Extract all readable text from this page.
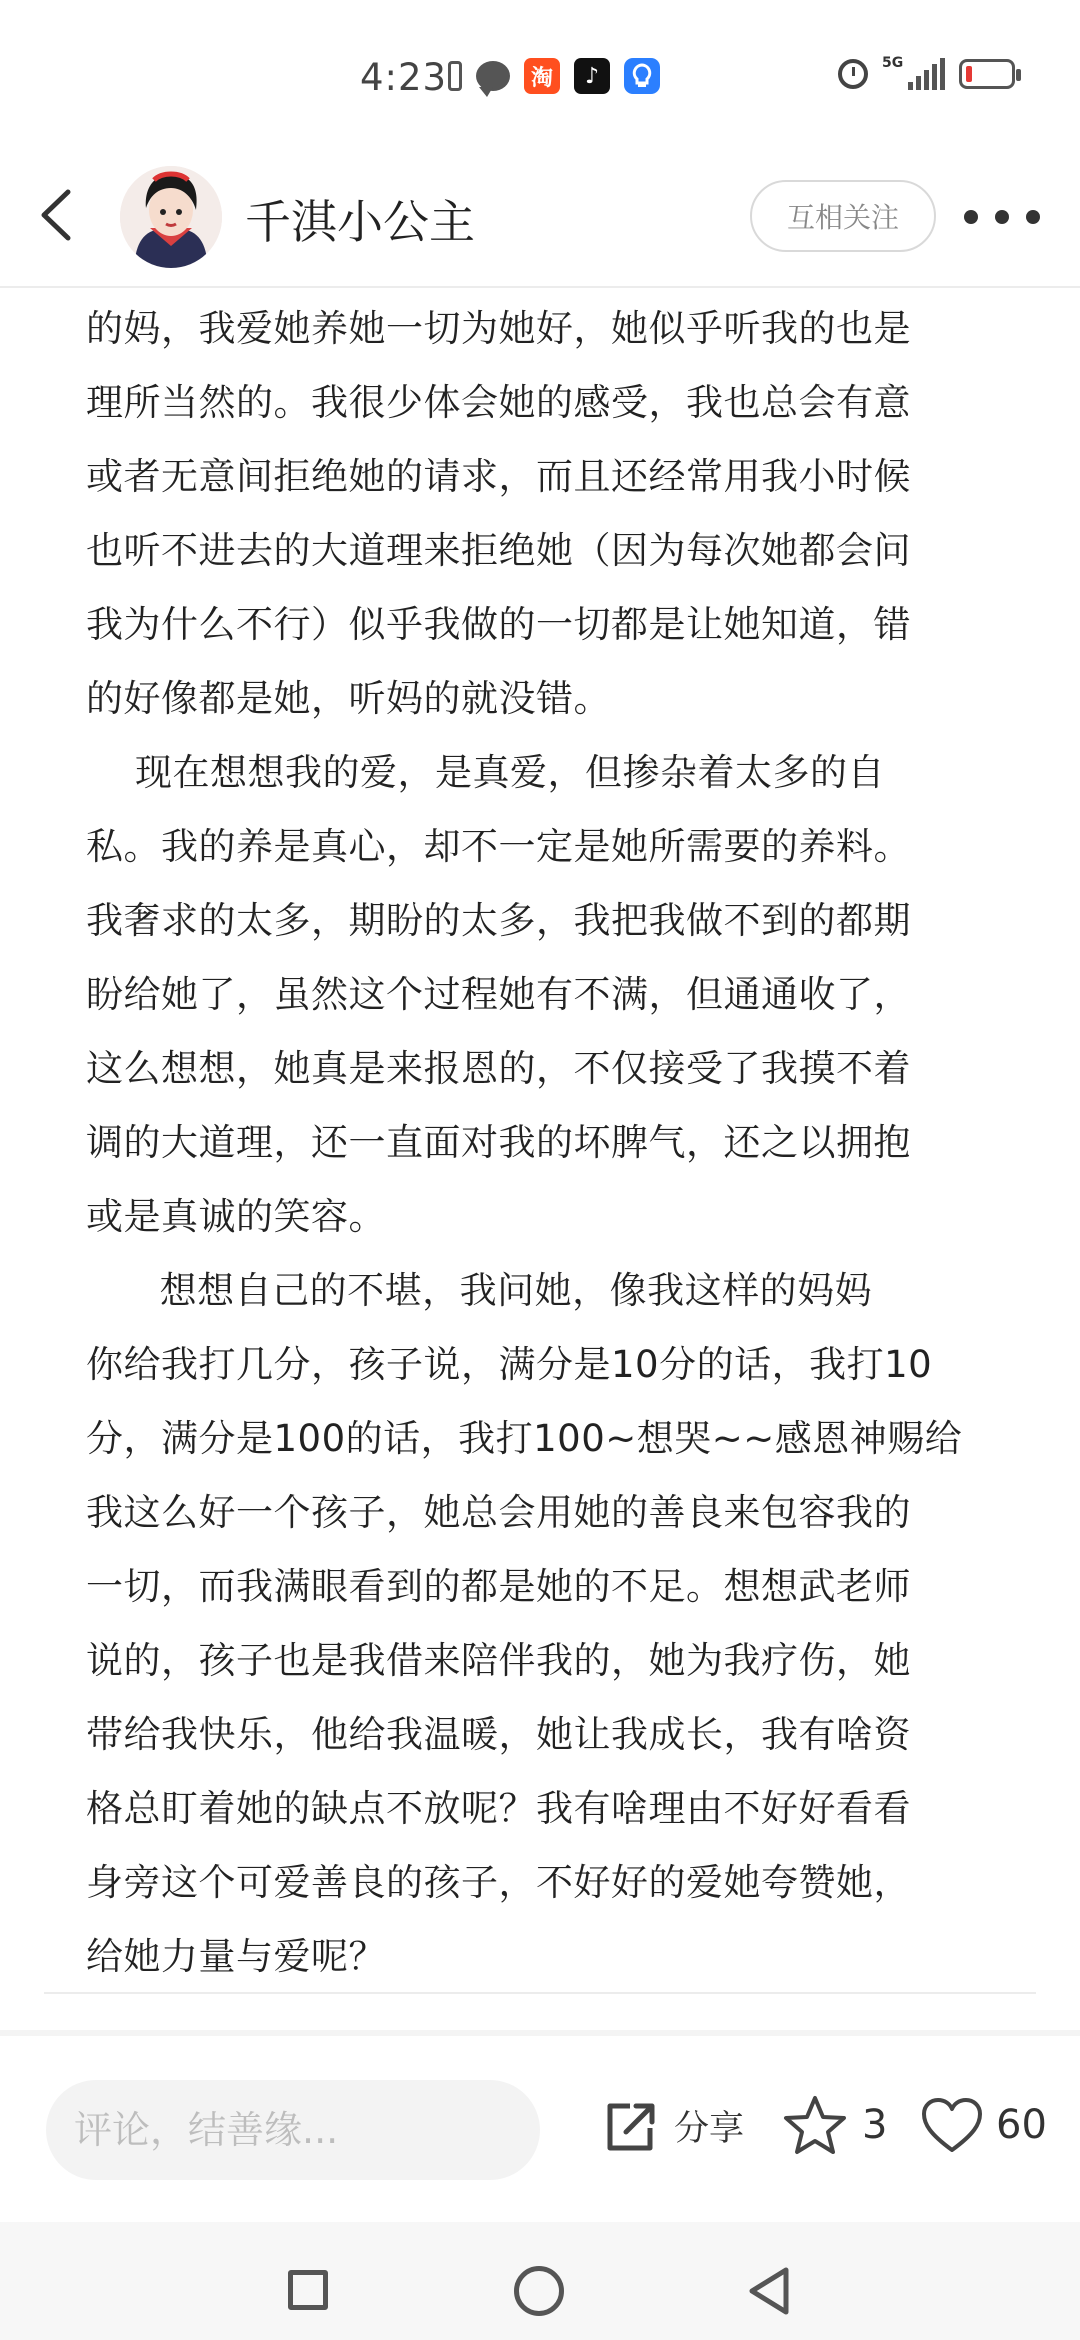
4:23	淘	♪
5G
千淇小公主	互相关注
的妈，我爱她养她一切为她好，她似乎听我的也是
理所当然的。我很少体会她的感受，我也总会有意
或者无意间拒绝她的请求，而且还经常用我小时候
也听不进去的大道理来拒绝她（因为每次她都会问
我为什么不行）似乎我做的一切都是让她知道，错
的好像都是她，听妈的就没错。
现在想想我的爱，是真爱，但掺杂着太多的自
私。我的养是真心，却不一定是她所需要的养料。
我奢求的太多，期盼的太多，我把我做不到的都期
盼给她了，虽然这个过程她有不满，但通通收了，
这么想想，她真是来报恩的，不仅接受了我摸不着
调的大道理，还一直面对我的坏脾气，还之以拥抱
或是真诚的笑容。
想想自己的不堪，我问她，像我这样的妈妈
你给我打几分，孩子说，满分是10分的话，我打10
分，满分是100的话，我打100~想哭~~感恩神赐给
我这么好一个孩子，她总会用她的善良来包容我的
一切，而我满眼看到的都是她的不足。想想武老师
说的，孩子也是我借来陪伴我的，她为我疗伤，她
带给我快乐，他给我温暖，她让我成长，我有啥资
格总盯着她的缺点不放呢？我有啥理由不好好看看
身旁这个可爱善良的孩子，不好好的爱她夸赞她，
给她力量与爱呢？
评论，结善缘...
分享	3	60
